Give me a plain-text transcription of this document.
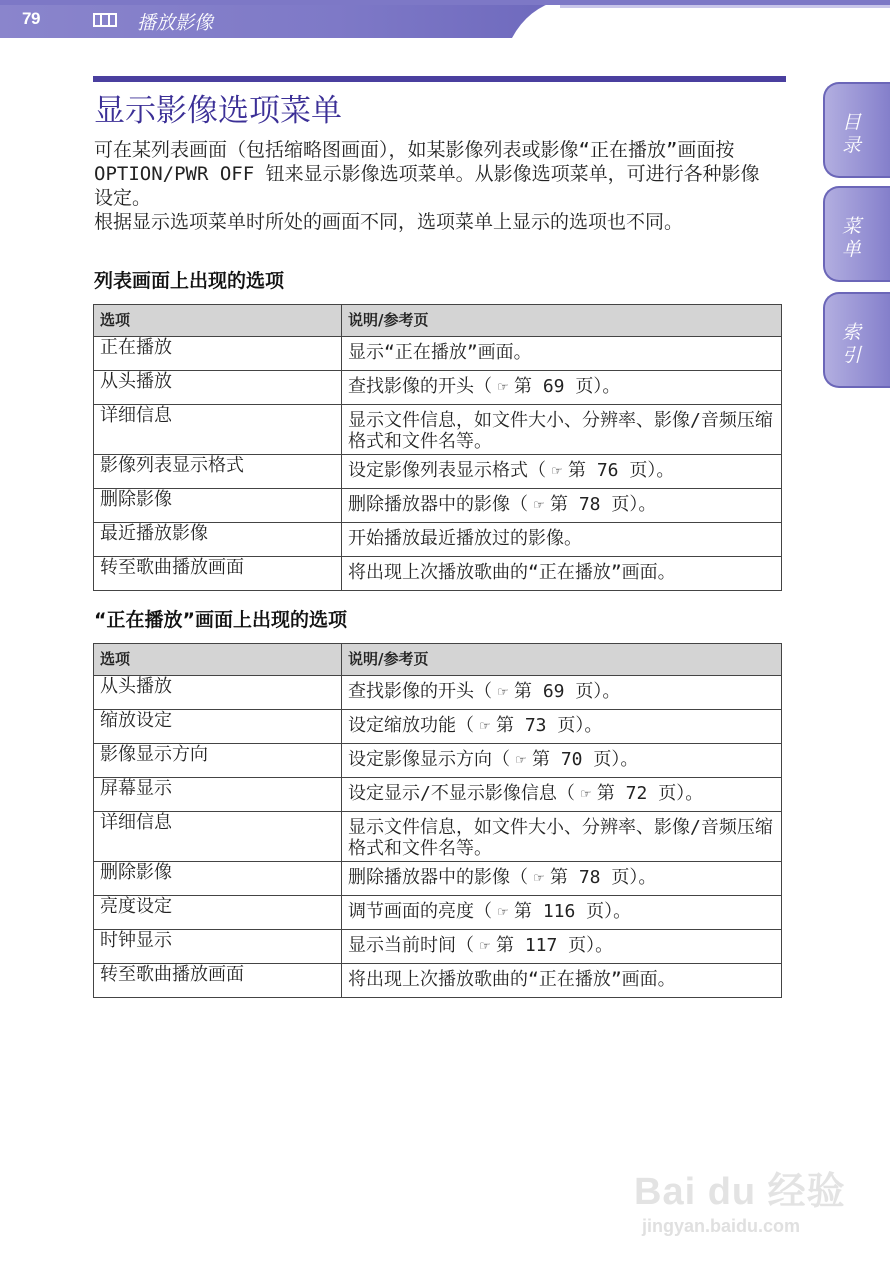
79	播放影像
显示影像选项菜单

可在某列表画面（包括缩略图画面），如某影像列表或影像“正在播放”画面按 OPTION/PWR OFF 钮来显示影像选项菜单。从影像选项菜单，可进行各种影像设定。

根据显示选项菜单时所处的画面不同，选项菜单上显示的选项也不同。

列表画面上出现的选项
选项	说明/参考页
正在播放	显示“正在播放”画面。
从头播放	查找影像的开头（ ☞ 第 69 页）。
详细信息	显示文件信息，如文件大小、分辨率、影像/音频压缩格式和文件名等。
影像列表显示格式	设定影像列表显示格式（ ☞ 第 76 页）。
删除影像	删除播放器中的影像（ ☞ 第 78 页）。
最近播放影像	开始播放最近播放过的影像。
转至歌曲播放画面	将出现上次播放歌曲的“正在播放”画面。
“正在播放”画面上出现的选项
选项	说明/参考页
从头播放	查找影像的开头（ ☞ 第 69 页）。
缩放设定	设定缩放功能（ ☞ 第 73 页）。
影像显示方向	设定影像显示方向（ ☞ 第 70 页）。
屏幕显示	设定显示/不显示影像信息（ ☞ 第 72 页）。
详细信息	显示文件信息，如文件大小、分辨率、影像/音频压缩格式和文件名等。
删除影像	删除播放器中的影像（ ☞ 第 78 页）。
亮度设定	调节画面的亮度（ ☞ 第 116 页）。
时钟显示	显示当前时间（ ☞ 第 117 页）。
转至歌曲播放画面	将出现上次播放歌曲的“正在播放”画面。
目录
菜单
索引
Bai du 经验
jingyan.baidu.com
